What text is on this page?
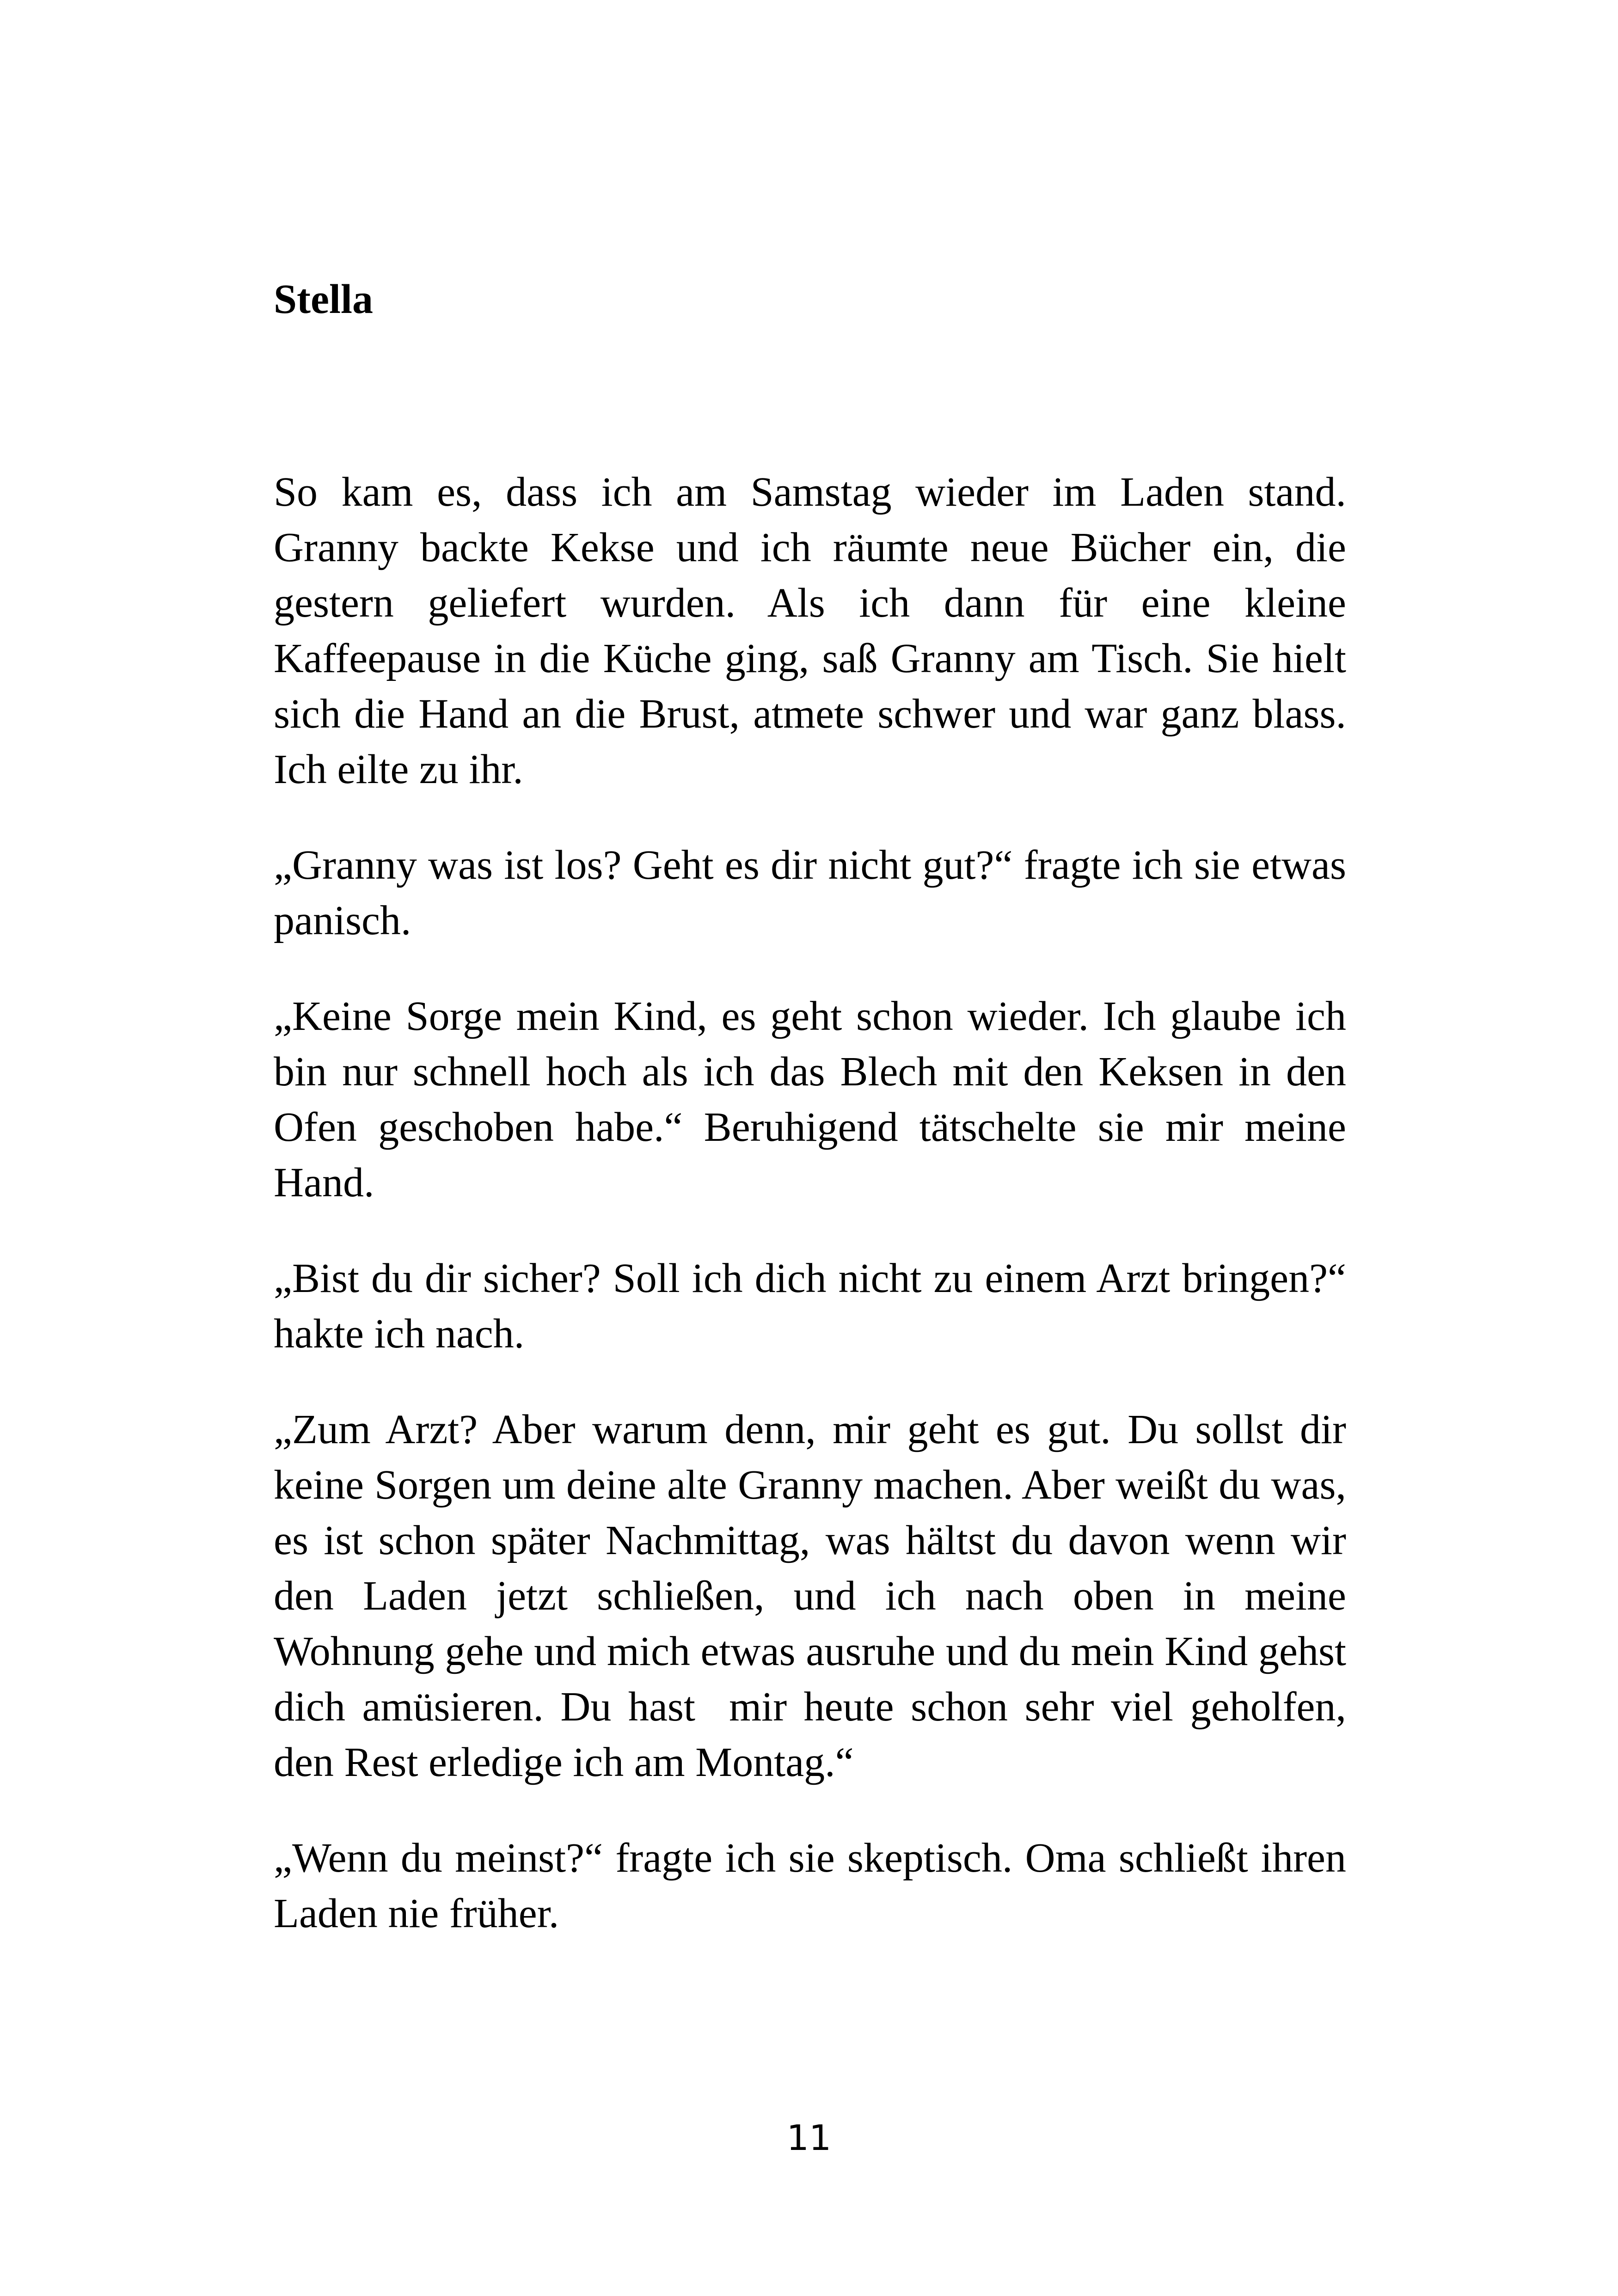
Stella

So kam es, dass ich am Samstag wieder im Laden stand. Granny backte Kekse und ich räumte neue Bücher ein, die gestern geliefert wurden. Als ich dann für eine kleine Kaffeepause in die Küche ging, saß Granny am Tisch. Sie hielt sich die Hand an die Brust, atmete schwer und war ganz blass. Ich eilte zu ihr.

„Granny was ist los? Geht es dir nicht gut?“ fragte ich sie etwas panisch.

„Keine Sorge mein Kind, es geht schon wieder. Ich glaube ich bin nur schnell hoch als ich das Blech mit den Keksen in den Ofen geschoben habe.“ Beruhigend tätschelte sie mir meine Hand.

„Bist du dir sicher? Soll ich dich nicht zu einem Arzt bringen?“ hakte ich nach.

„Zum Arzt? Aber warum denn, mir geht es gut. Du sollst dir keine Sorgen um deine alte Granny machen. Aber weißt du was, es ist schon später Nachmittag, was hältst du davon wenn wir den Laden jetzt schließen, und ich nach oben in meine Wohnung gehe und mich etwas ausruhe und du mein Kind gehst dich amüsieren. Du hast  mir heute schon sehr viel geholfen, den Rest erledige ich am Montag.“

„Wenn du meinst?“ fragte ich sie skeptisch. Oma schließt ihren Laden nie früher.

11
